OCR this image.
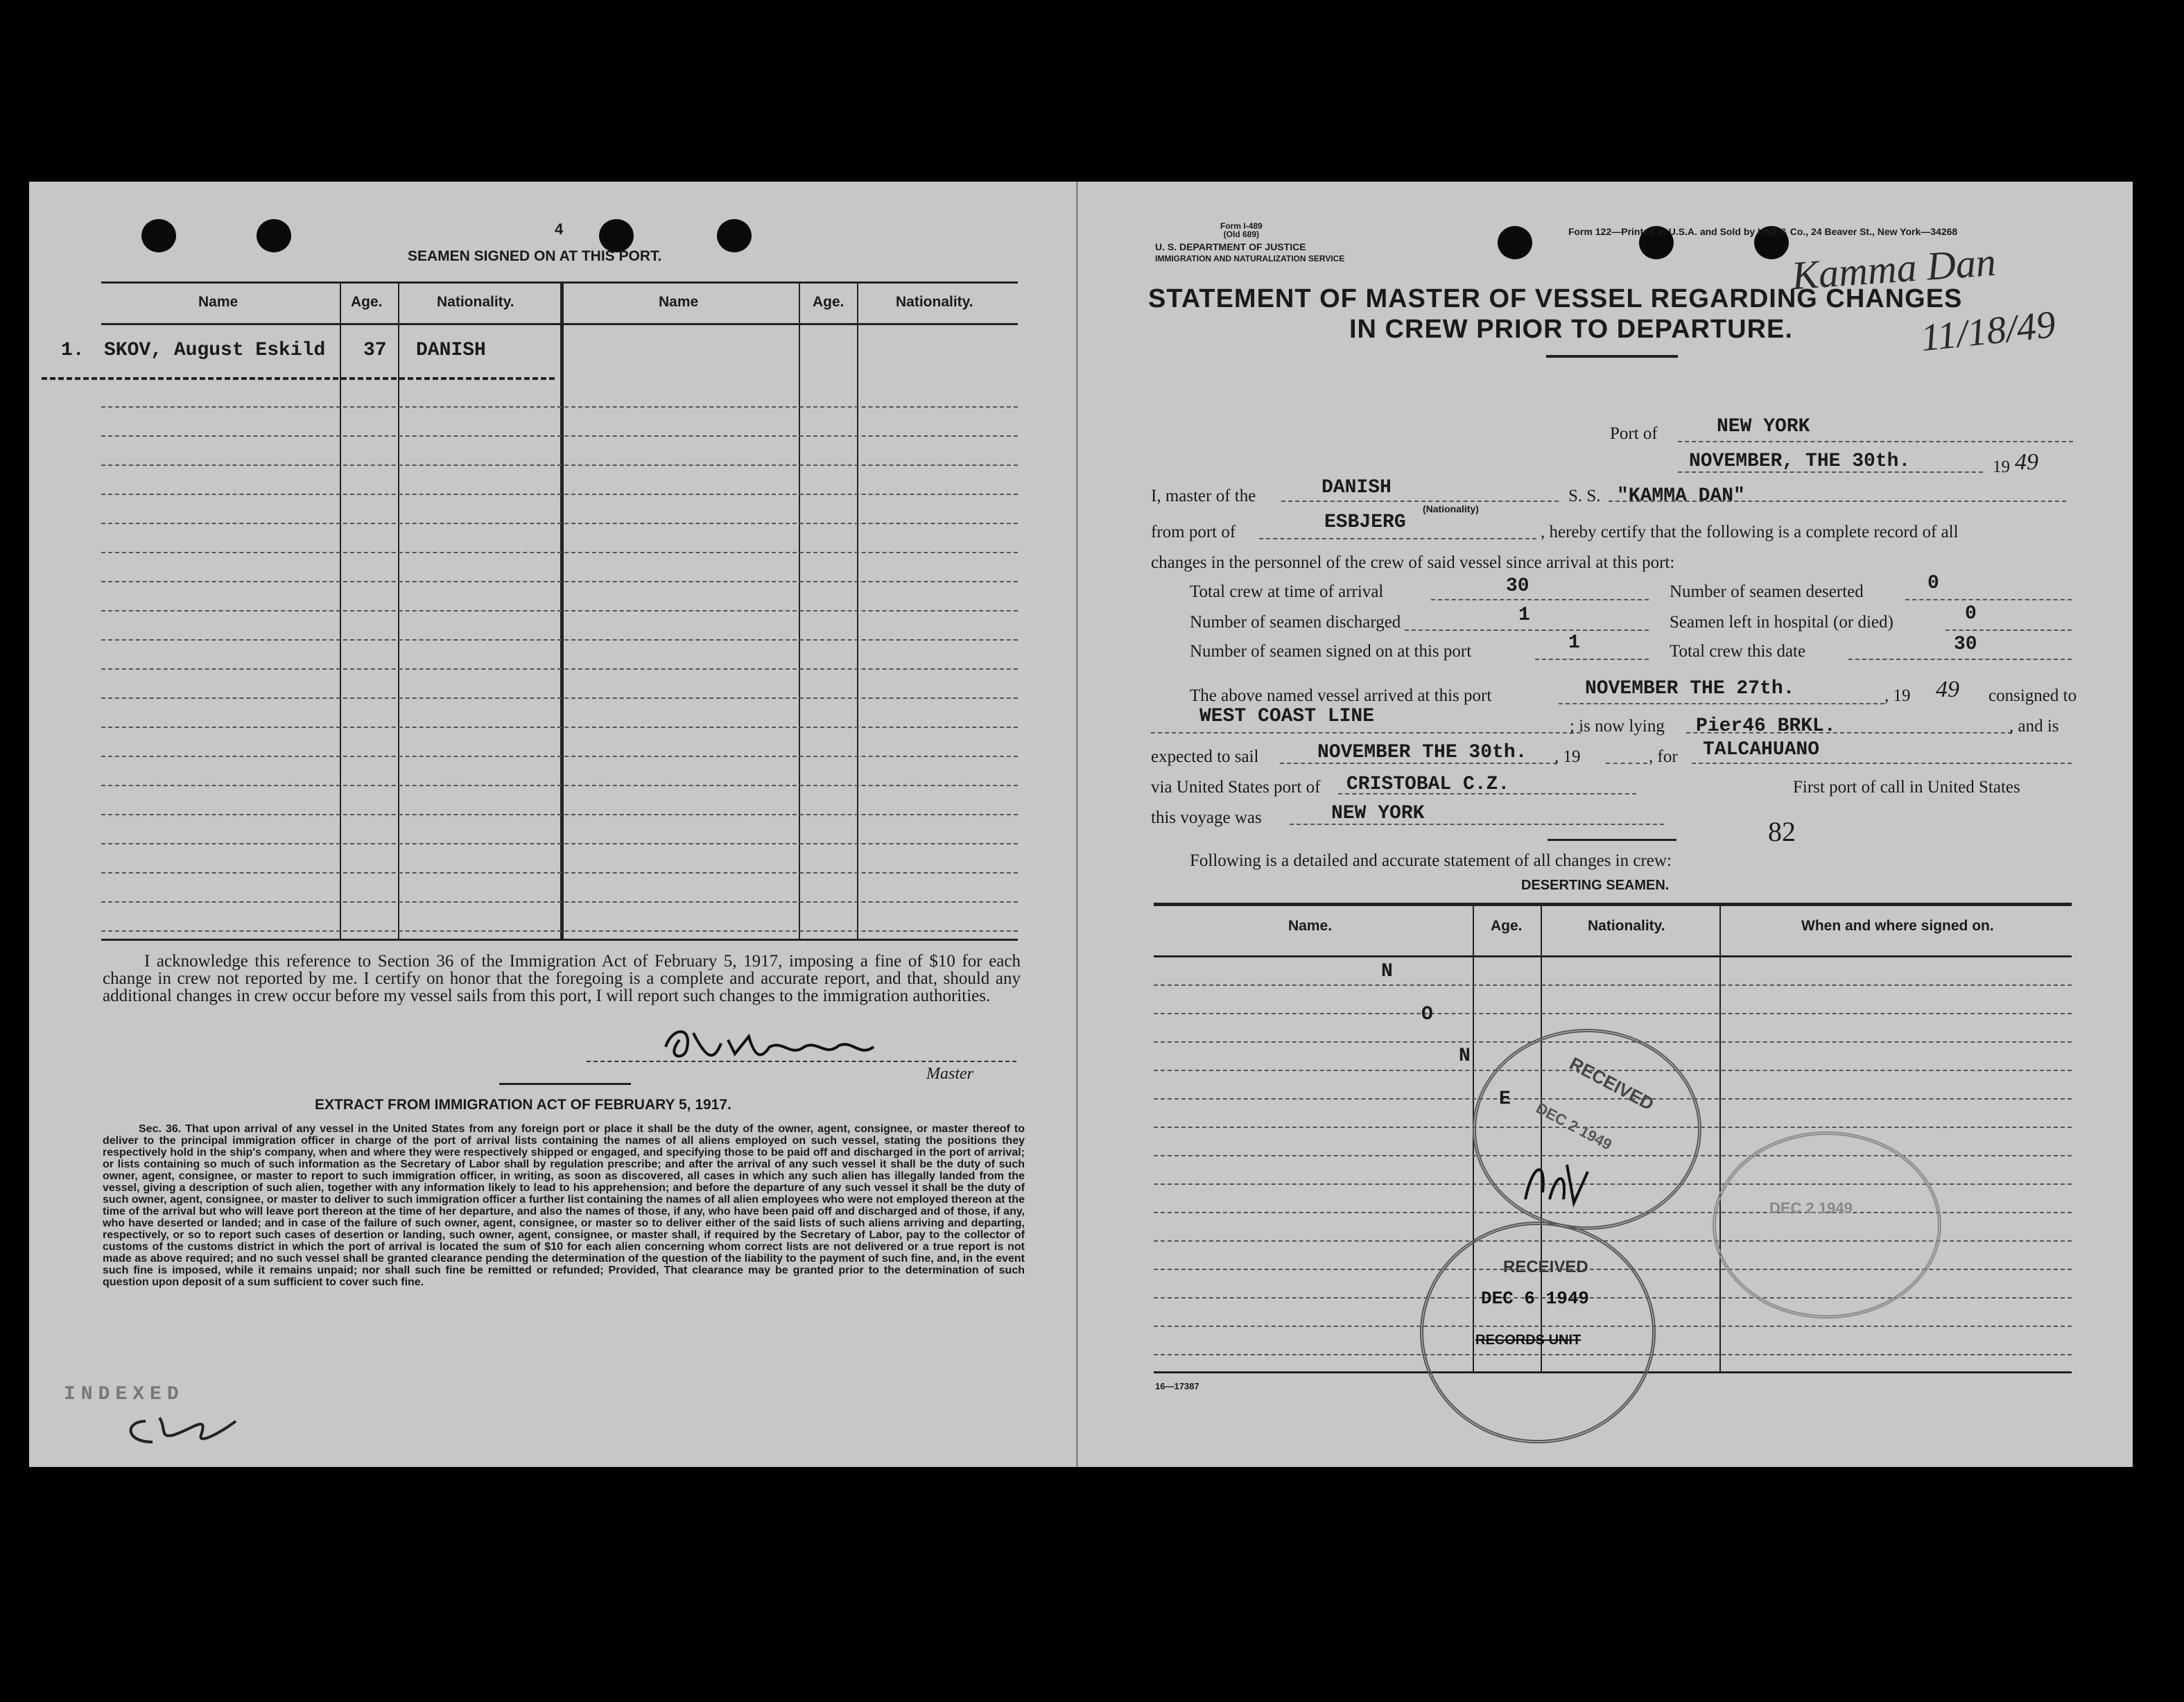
4
SEAMEN SIGNED ON AT THIS PORT.
Name	Age.	Nationality.	Name	Age.	Nationality.
1. SKOV, August Eskild 37 DANISH
I acknowledge this reference to Section 36 of the Immigration Act of February 5, 1917, imposing a fine of $10 for each change in crew not reported by me. I certify on honor that the foregoing is a complete and accurate report, and that, should any additional changes in crew occur before my vessel sails from this port, I will report such changes to the immigration authorities.
Master
EXTRACT FROM IMMIGRATION ACT OF FEBRUARY 5, 1917.
Sec. 36. That upon arrival of any vessel in the United States from any foreign port or place it shall be the duty of the owner, agent, consignee, or master thereof to deliver to the principal immigration officer in charge of the port of arrival lists containing the names of all aliens employed on such vessel, stating the positions they respectively hold in the ship's company, when and where they were respectively shipped or engaged, and specifying those to be paid off and discharged in the port of arrival; or lists containing so much of such information as the Secretary of Labor shall by regulation prescribe; and after the arrival of any such vessel it shall be the duty of such owner, agent, consignee, or master to report to such immigration officer, in writing, as soon as discovered, all cases in which any such alien has illegally landed from the vessel, giving a description of such alien, together with any information likely to lead to his apprehension; and before the departure of any such vessel it shall be the duty of such owner, agent, consignee, or master to deliver to such immigration officer a further list containing the names of all alien employees who were not employed thereon at the time of the arrival but who will leave port thereon at the time of her departure, and also the names of those, if any, who have been paid off and discharged and of those, if any, who have deserted or landed; and in case of the failure of such owner, agent, consignee, or master so to deliver either of the said lists of such aliens arriving and departing, respectively, or so to report such cases of desertion or landing, such owner, agent, consignee, or master shall, if required by the Secretary of Labor, pay to the collector of customs of the customs district in which the port of arrival is located the sum of $10 for each alien concerning whom correct lists are not delivered or a true report is not made as above required; and no such vessel shall be granted clearance pending the determination of the question of the liability to the payment of such fine, and, in the event such fine is imposed, while it remains unpaid; nor shall such fine be remitted or refunded; Provided, That clearance may be granted prior to the determination of such question upon deposit of a sum sufficient to cover such fine.
INDEXED
Form I-489
(Old 689)
U. S. DEPARTMENT OF JUSTICE
IMMIGRATION AND NATURALIZATION SERVICE
Form 122—Printed in U.S.A. and Sold by UNZ & Co., 24 Beaver St., New York—34268
Kamma Dan
11/18/49
STATEMENT OF MASTER OF VESSEL REGARDING CHANGES
IN CREW PRIOR TO DEPARTURE.
Port of	NEW YORK
NOVEMBER, THE 30th.	19 49
I, master of the	DANISH
(Nationality)
S. S. "KAMMA DAN"
from port of	ESBJERG	, hereby certify that the following is a complete record of all
changes in the personnel of the crew of said vessel since arrival at this port:
Total crew at time of arrival	30	Number of seamen deserted	0
Number of seamen discharged	1	Seamen left in hospital (or died)	0
Number of seamen signed on at this port	1	Total crew this date	30
The above named vessel arrived at this port	NOVEMBER THE 27th.	, 19 49 consigned to
WEST COAST LINE	; is now lying Pier46 BRKL.	, and is
expected to sail	NOVEMBER THE 30th. , 19	, for TALCAHUANO
via United States port of CRISTOBAL C.Z.	First port of call in United States
this voyage was	NEW YORK
82
Following is a detailed and accurate statement of all changes in crew:
DESERTING SEAMEN.
Name.	Age.	Nationality.	When and where signed on.
N
O
N
E	RECEIVED
DEC 2 1949
DEC 2 1949
RECEIVED
DEC 6 1949
RECORDS UNIT
16—17387
